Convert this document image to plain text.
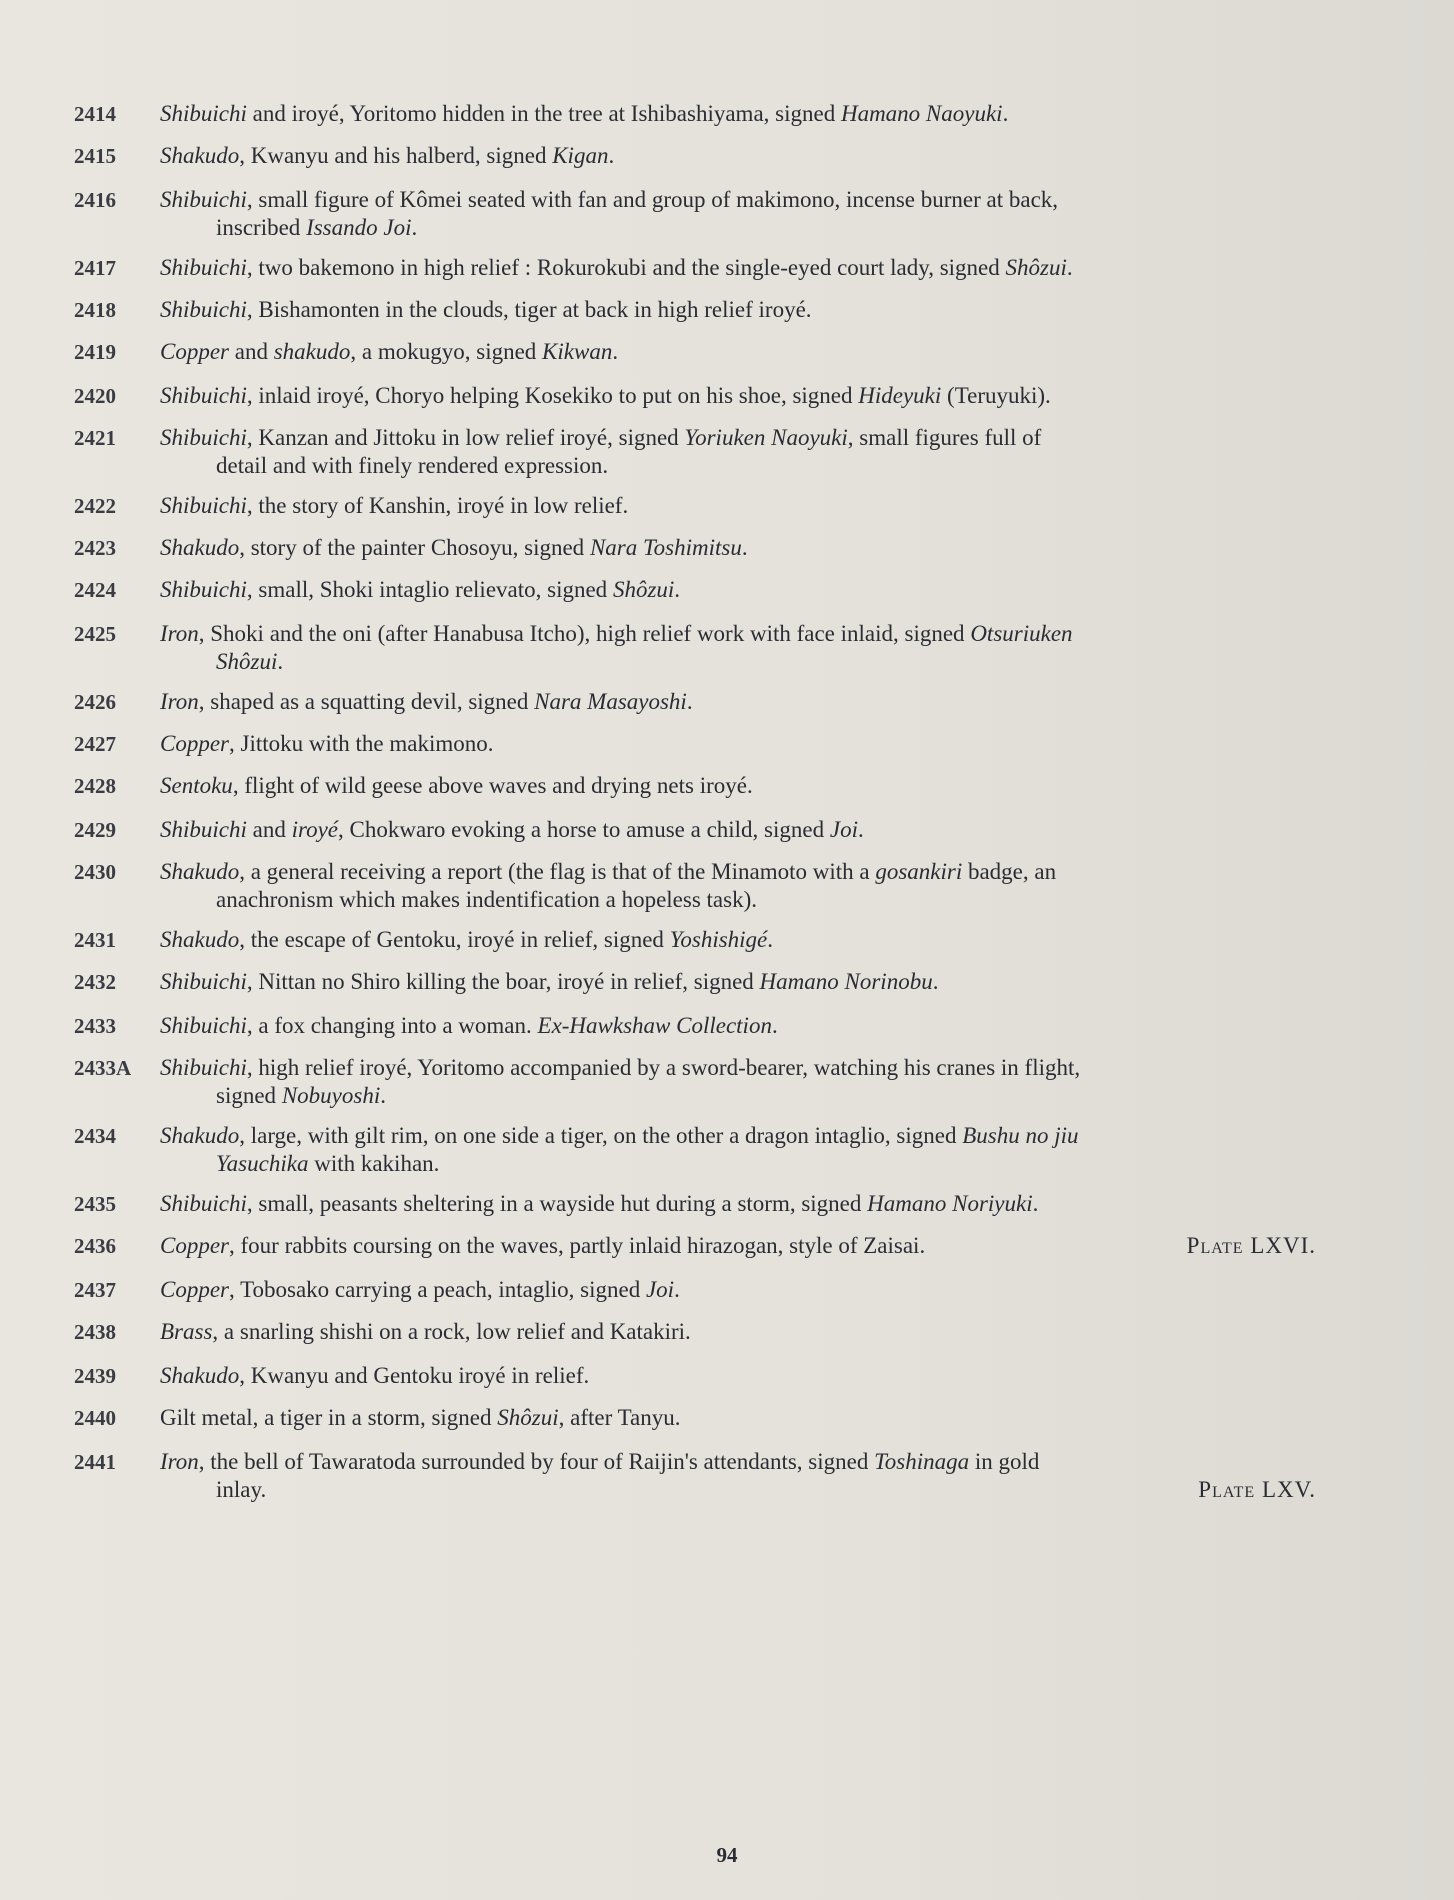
2414	Shibuichi and iroyé, Yoritomo hidden in the tree at Ishibashiyama, signed Hamano Naoyuki.
2415	Shakudo, Kwanyu and his halberd, signed Kigan.
2416	Shibuichi, small figure of Kômei seated with fan and group of makimono, incense burner at back,
inscribed Issando Joi.
2417	Shibuichi, two bakemono in high relief : Rokurokubi and the single-eyed court lady, signed Shôzui.
2418	Shibuichi, Bishamonten in the clouds, tiger at back in high relief iroyé.
2419	Copper and shakudo, a mokugyo, signed Kikwan.
2420	Shibuichi, inlaid iroyé, Choryo helping Kosekiko to put on his shoe, signed Hideyuki (Teruyuki).
2421	Shibuichi, Kanzan and Jittoku in low relief iroyé, signed Yoriuken Naoyuki, small figures full of
detail and with finely rendered expression.
2422	Shibuichi, the story of Kanshin, iroyé in low relief.
2423	Shakudo, story of the painter Chosoyu, signed Nara Toshimitsu.
2424	Shibuichi, small, Shoki intaglio relievato, signed Shôzui.
2425	Iron, Shoki and the oni (after Hanabusa Itcho), high relief work with face inlaid, signed Otsuriuken
Shôzui.
2426	Iron, shaped as a squatting devil, signed Nara Masayoshi.
2427	Copper, Jittoku with the makimono.
2428	Sentoku, flight of wild geese above waves and drying nets iroyé.
2429	Shibuichi and iroyé, Chokwaro evoking a horse to amuse a child, signed Joi.
2430	Shakudo, a general receiving a report (the flag is that of the Minamoto with a gosankiri badge, an
anachronism which makes indentification a hopeless task).
2431	Shakudo, the escape of Gentoku, iroyé in relief, signed Yoshishigé.
2432	Shibuichi, Nittan no Shiro killing the boar, iroyé in relief, signed Hamano Norinobu.
2433	Shibuichi, a fox changing into a woman. Ex-Hawkshaw Collection.
2433A	Shibuichi, high relief iroyé, Yoritomo accompanied by a sword-bearer, watching his cranes in flight,
signed Nobuyoshi.
2434	Shakudo, large, with gilt rim, on one side a tiger, on the other a dragon intaglio, signed Bushu no jiu
Yasuchika with kakihan.
2435	Shibuichi, small, peasants sheltering in a wayside hut during a storm, signed Hamano Noriyuki.
2436	Copper, four rabbits coursing on the waves, partly inlaid hirazogan, style of Zaisai.	Plate LXVI.
2437	Copper, Tobosako carrying a peach, intaglio, signed Joi.
2438	Brass, a snarling shishi on a rock, low relief and Katakiri.
2439	Shakudo, Kwanyu and Gentoku iroyé in relief.
2440	Gilt metal, a tiger in a storm, signed Shôzui, after Tanyu.
2441	Iron, the bell of Tawaratoda surrounded by four of Raijin's attendants, signed Toshinaga in gold
inlay.	Plate LXV.
94
